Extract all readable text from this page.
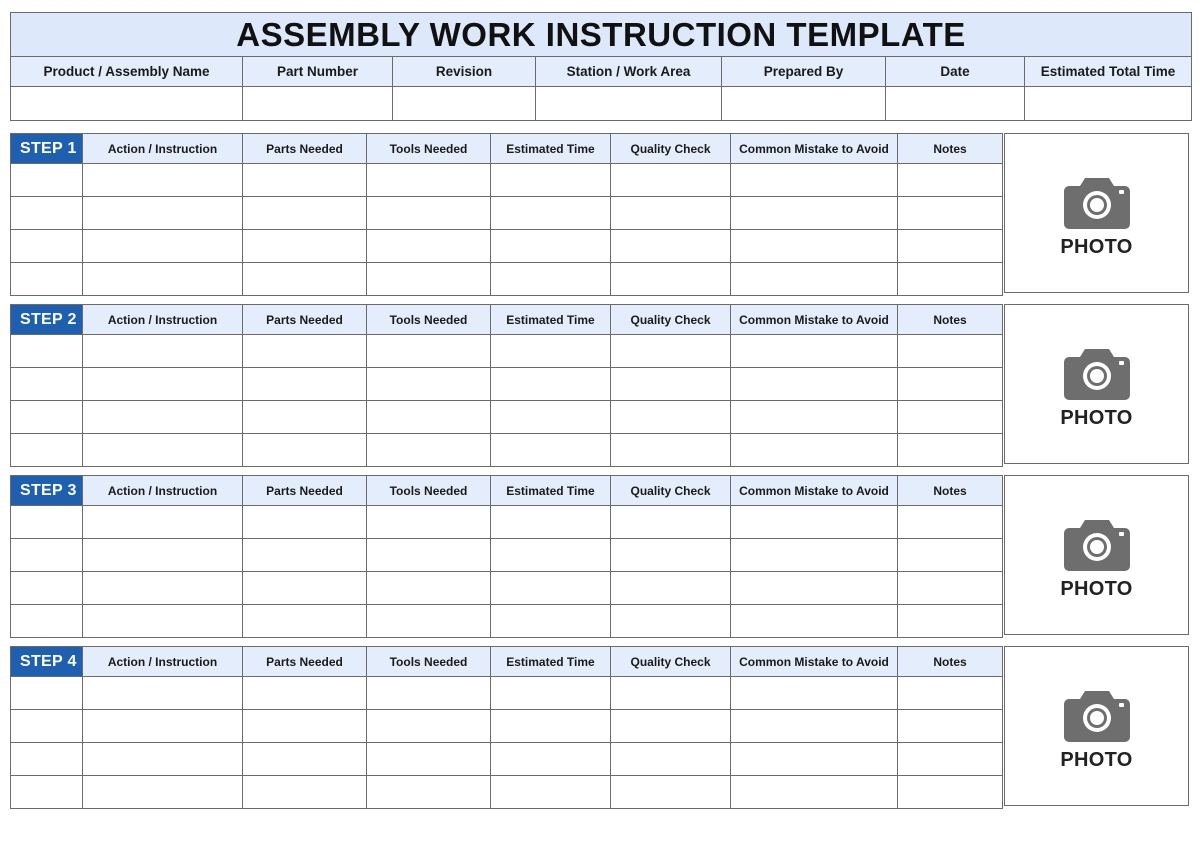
ASSEMBLY WORK INSTRUCTION TEMPLATE						
Product / Assembly Name	Part Number	Revision	Station / Work Area	Prepared By	Date	Estimated Total Time

STEP 1	Action / Instruction	Parts Needed	Tools Needed	Estimated Time	Quality Check	Common Mistake to Avoid	Notes

PHOTO
STEP 2	Action / Instruction	Parts Needed	Tools Needed	Estimated Time	Quality Check	Common Mistake to Avoid	Notes

PHOTO
STEP 3	Action / Instruction	Parts Needed	Tools Needed	Estimated Time	Quality Check	Common Mistake to Avoid	Notes

PHOTO
STEP 4	Action / Instruction	Parts Needed	Tools Needed	Estimated Time	Quality Check	Common Mistake to Avoid	Notes

PHOTO
